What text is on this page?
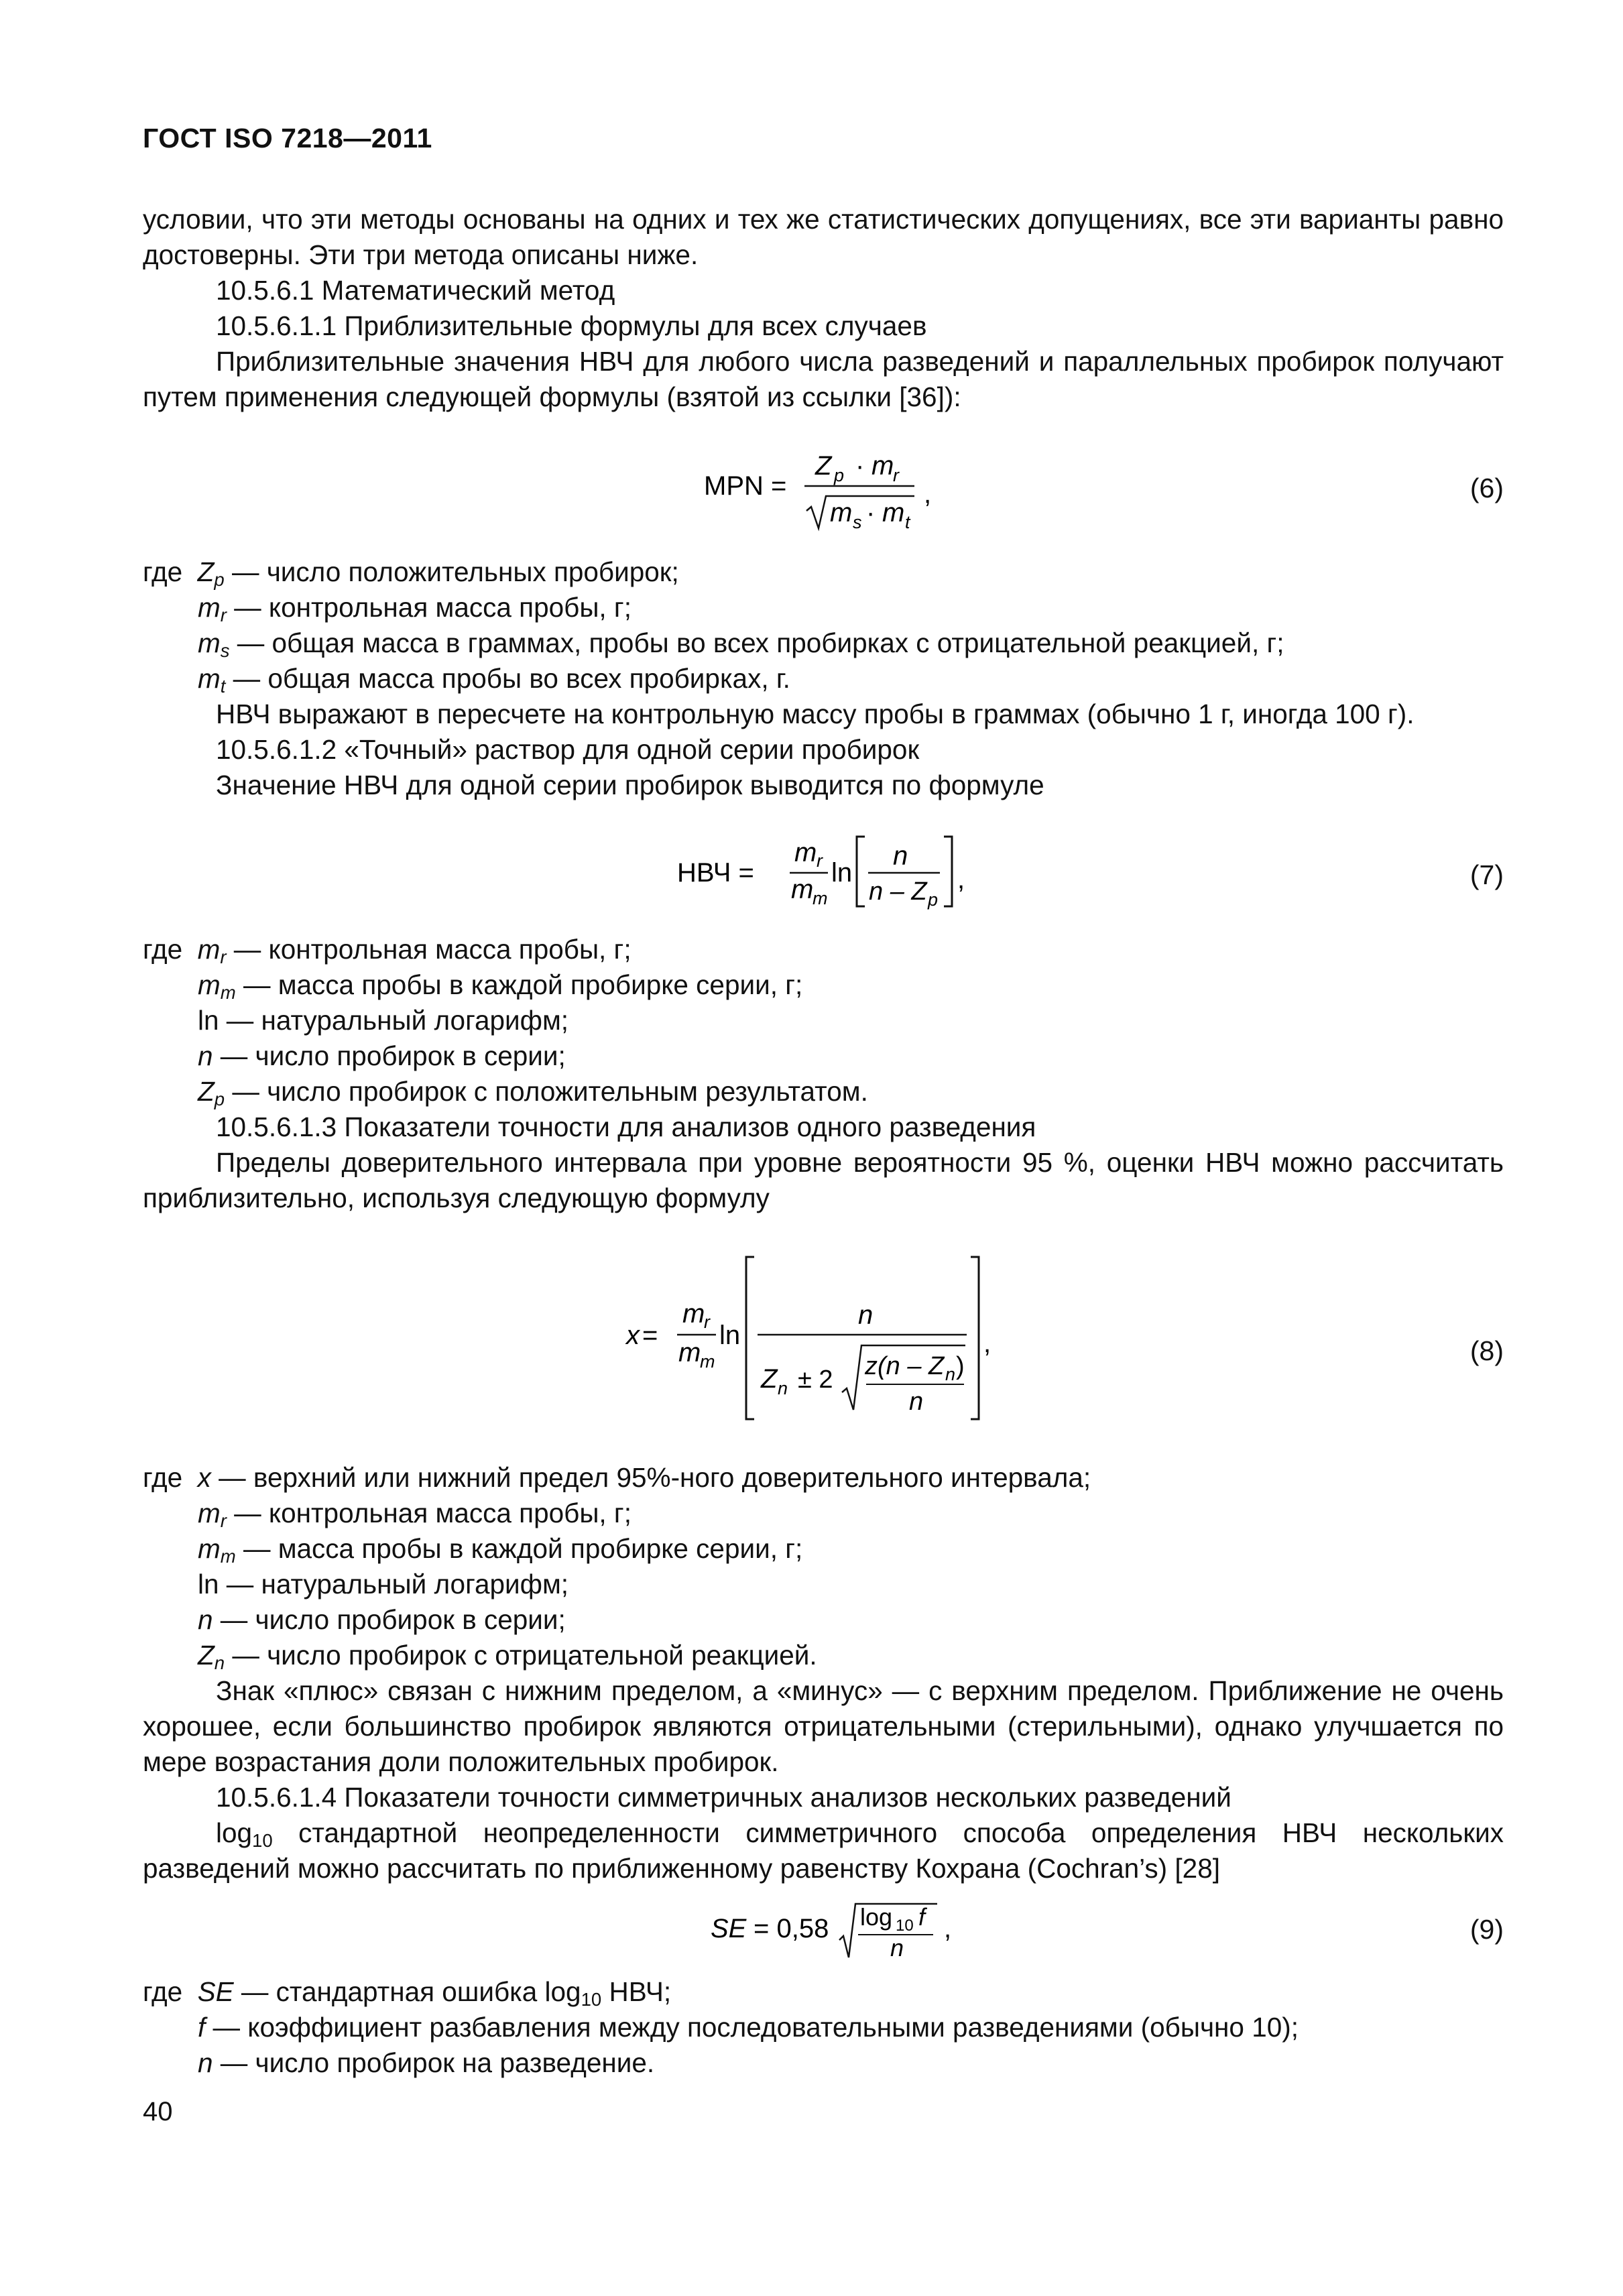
ГОСТ ISO 7218—2011

условии, что эти методы основаны на одних и тех же статистических допущениях, все эти варианты равно достоверны. Эти три метода описаны ниже.

10.5.6.1 Математический метод

10.5.6.1.1 Приблизительные формулы для всех случаев

Приблизительные значения НВЧ для любого числа разведений и параллельных пробирок получают путем применения следующей формулы (взятой из ссылки [36]):

MPN =
Z p · m
r
m s · m t
,	(6)

где $Z_p$ — число положительных пробирок;

$m_r$ — контрольная масса пробы, г;

$m_s$ — общая масса в граммах, пробы во всех пробирках с отрицательной реакцией, г;

$m_t$ — общая масса пробы во всех пробирках, г.

НВЧ выражают в пересчете на контрольную массу пробы в граммах (обычно 1 г, иногда 100 г).

10.5.6.1.2 «Точный» раствор для одной серии пробирок

Значение НВЧ для одной серии пробирок выводится по формуле

НВЧ =
m r
m
m
ln
n
n – Z p
,	(7)

где $m_r$ — контрольная масса пробы, г;

$m_m$ — масса пробы в каждой пробирке серии, г;

ln — натуральный логарифм;

n — число пробирок в серии;

$Z_p$ — число пробирок с положительным результатом.

10.5.6.1.3 Показатели точности для анализов одного разведения

Пределы доверительного интервала при уровне вероятности 95 %, оценки НВЧ можно рассчитать приблизительно, используя следующую формулу

x =
m
r
m
m
ln
n
Z n ± 2 z(n – Z n )
n
,	(8)

где x — верхний или нижний предел 95%-ного доверительного интервала;

$m_r$ — контрольная масса пробы, г;

$m_m$ — масса пробы в каждой пробирке серии, г;

ln — натуральный логарифм;

n — число пробирок в серии;

$Z_n$ — число пробирок с отрицательной реакцией.

Знак «плюс» связан с нижним пределом, а «минус» — с верхним пределом. Приближение не очень хорошее, если большинство пробирок являются отрицательными (стерильными), однако улучшается по мере возрастания доли положительных пробирок.

10.5.6.1.4 Показатели точности симметричных анализов нескольких разведений

$\log_{10}$ стандартной неопределенности симметричного способа определения НВЧ нескольких разведений можно рассчитать по приближенному равенству Кохрана (Cochran’s) [28]

SE = 0,58 log 10 f
n
,	(9)

где SE — стандартная ошибка $\log_{10}$ НВЧ;

f — коэффициент разбавления между последовательными разведениями (обычно 10);

n — число пробирок на разведение.

40
